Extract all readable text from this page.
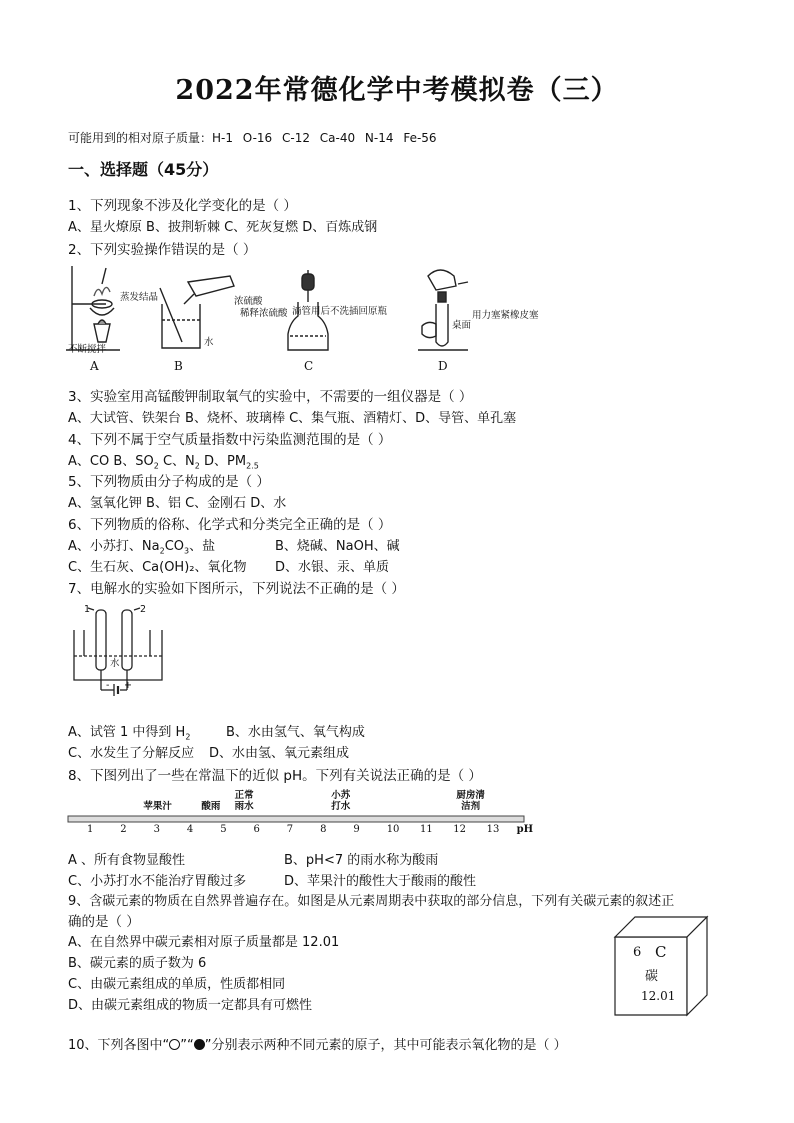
2022年常德化学中考模拟卷（三）
可能用到的相对原子质量：H-1 O-16 C-12 Ca-40 N-14 Fe-56
一、选择题（45分）
1、下列现象不涉及化学变化的是（ ）
A、星火燎原 B、披荆斩棘 C、死灰复燃 D、百炼成钢
2、下列实验操作错误的是（ ）
蒸发结晶
不断搅拌
A
浓硫酸
水
稀释浓硫酸
B
滴管用后不洗插回原瓶
C
桌面
用力塞紧橡皮塞
D
3、实验室用高锰酸钾制取氧气的实验中，不需要的一组仪器是（ ）
A、大试管、铁架台 B、烧杯、玻璃棒 C、集气瓶、酒精灯、D、导管、单孔塞
4、下列不属于空气质量指数中污染监测范围的是（ ）
A、CO B、$SO_2$ C、$N_2$ D、$PM_{2.5}$
5、下列物质由分子构成的是（ ）
A、氢氧化钾 B、铝 C、金刚石 D、水
6、下列物质的俗称、化学式和分类完全正确的是（ ）
A、小苏打、$Na_2CO_3$、盐	B、烧碱、NaOH、碱
C、生石灰、Ca(OH)₂、氧化物 D、水银、汞、单质
7、电解水的实验如下图所示，下列说法不正确的是（ ）
1	2
水
+
-
A、试管 1 中得到 $H_2$	B、水由氢气、氧气构成
C、水发生了分解反应 D、水由氢、氧元素组成
8、下图列出了一些在常温下的近似 pH。下列有关说法正确的是（ ）
1	2	3	4	5	6	7	8	9	10 11 12 13 pH
苹果汁	酸雨
正常
雨水
小苏
打水
厨房清
洁剂
A 、所有食物显酸性	B、pH<7 的雨水称为酸雨
C、小苏打水不能治疗胃酸过多	D、苹果汁的酸性大于酸雨的酸性
9、含碳元素的物质在自然界普遍存在。如图是从元素周期表中获取的部分信息，下列有关碳元素的叙述正
确的是（ ）
A、在自然界中碳元素相对原子质量都是 12.01
B、碳元素的质子数为 6
C、由碳元素组成的单质，性质都相同
D、由碳元素组成的物质一定都具有可燃性
6 C
碳
12.01
10、下列各图中“ ”“ ”分别表示两种不同元素的原子，其中可能表示氧化物的是（ ）
